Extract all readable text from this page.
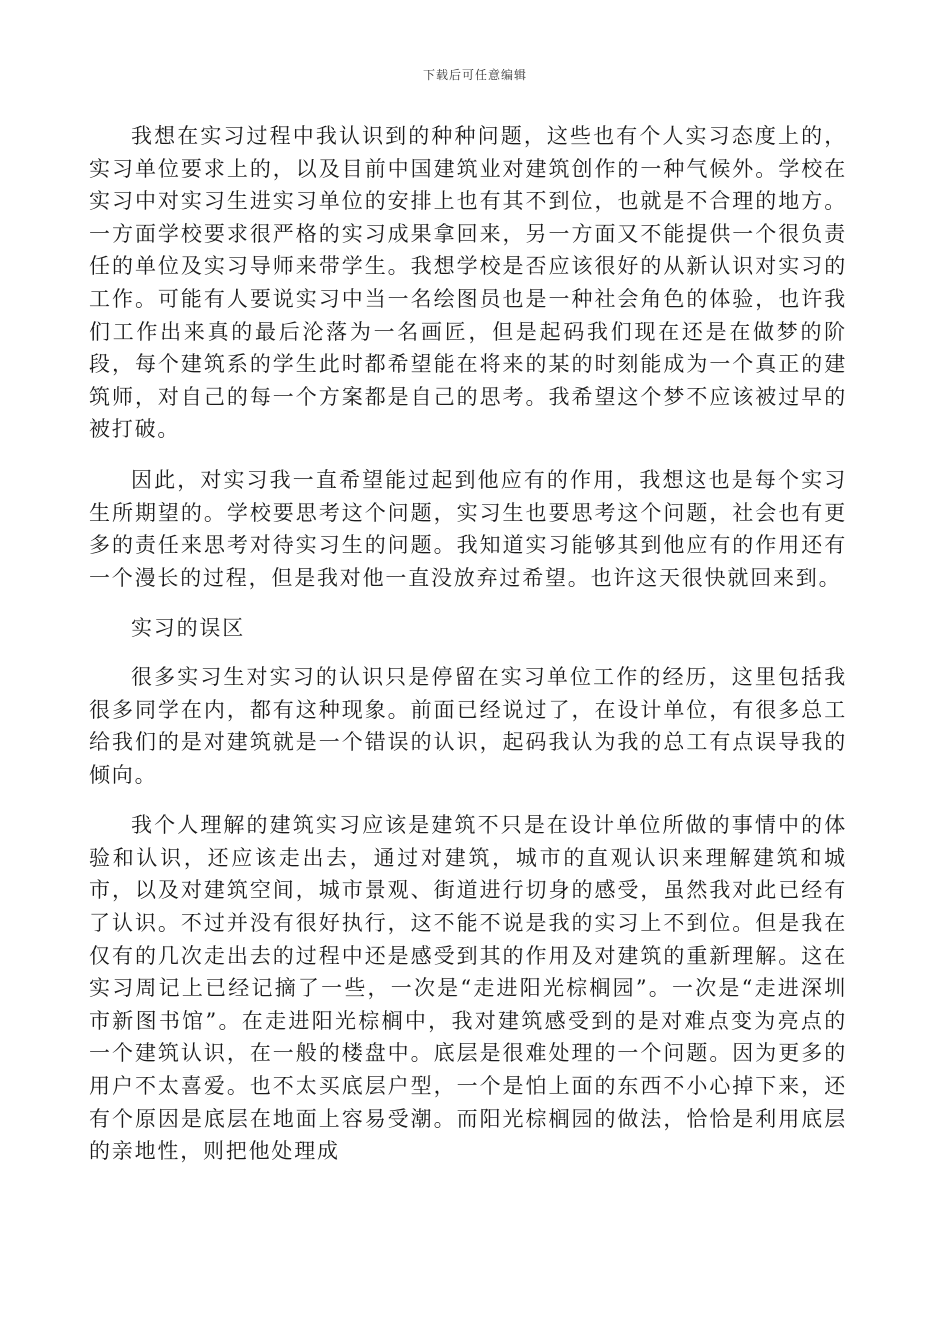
下载后可任意编辑

我想在实习过程中我认识到的种种问题，这些也有个人实习态度上的，实习单位要求上的，以及目前中国建筑业对建筑创作的一种气候外。学校在实习中对实习生进实习单位的安排上也有其不到位，也就是不合理的地方。一方面学校要求很严格的实习成果拿回来，另一方面又不能提供一个很负责任的单位及实习导师来带学生。我想学校是否应该很好的从新认识对实习的工作。可能有人要说实习中当一名绘图员也是一种社会角色的体验，也许我们工作出来真的最后沦落为一名画匠，但是起码我们现在还是在做梦的阶段，每个建筑系的学生此时都希望能在将来的某的时刻能成为一个真正的建筑师，对自己的每一个方案都是自己的思考。我希望这个梦不应该被过早的被打破。

因此，对实习我一直希望能过起到他应有的作用，我想这也是每个实习生所期望的。学校要思考这个问题，实习生也要思考这个问题，社会也有更多的责任来思考对待实习生的问题。我知道实习能够其到他应有的作用还有一个漫长的过程，但是我对他一直没放弃过希望。也许这天很快就回来到。

实习的误区

很多实习生对实习的认识只是停留在实习单位工作的经历，这里包括我很多同学在内，都有这种现象。前面已经说过了，在设计单位，有很多总工给我们的是对建筑就是一个错误的认识，起码我认为我的总工有点误导我的倾向。

我个人理解的建筑实习应该是建筑不只是在设计单位所做的事情中的体验和认识，还应该走出去，通过对建筑，城市的直观认识来理解建筑和城市，以及对建筑空间，城市景观、街道进行切身的感受，虽然我对此已经有了认识。不过并没有很好执行，这不能不说是我的实习上不到位。但是我在仅有的几次走出去的过程中还是感受到其的作用及对建筑的重新理解。这在实习周记上已经记摘了一些，一次是“走进阳光棕榈园”。一次是“走进深圳市新图书馆”。在走进阳光棕榈中，我对建筑感受到的是对难点变为亮点的一个建筑认识，在一般的楼盘中。底层是很难处理的一个问题。因为更多的用户不太喜爱。也不太买底层户型，一个是怕上面的东西不小心掉下来，还有个原因是底层在地面上容易受潮。而阳光棕榈园的做法，恰恰是利用底层的亲地性，则把他处理成
